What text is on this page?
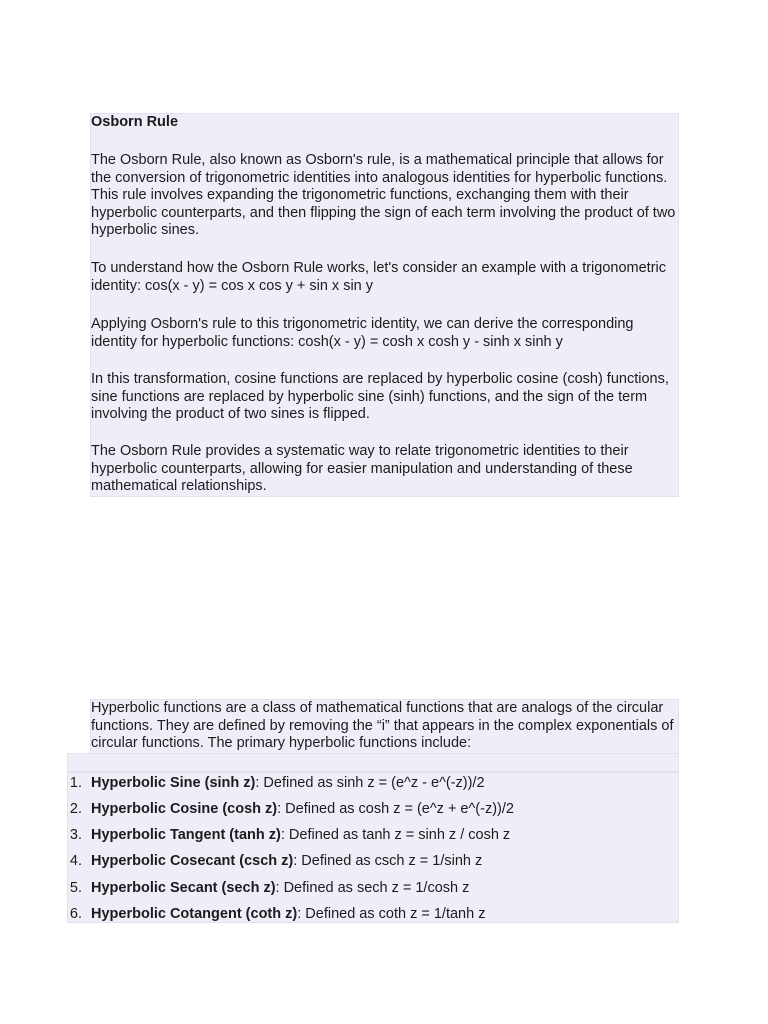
Osborn Rule

The Osborn Rule, also known as Osborn's rule, is a mathematical principle that allows for the conversion of trigonometric identities into analogous identities for hyperbolic functions. This rule involves expanding the trigonometric functions, exchanging them with their hyperbolic counterparts, and then flipping the sign of each term involving the product of two hyperbolic sines.

To understand how the Osborn Rule works, let's consider an example with a trigonometric identity: cos(x - y) = cos x cos y + sin x sin y

Applying Osborn's rule to this trigonometric identity, we can derive the corresponding identity for hyperbolic functions: cosh(x - y) = cosh x cosh y - sinh x sinh y

In this transformation, cosine functions are replaced by hyperbolic cosine (cosh) functions, sine functions are replaced by hyperbolic sine (sinh) functions, and the sign of the term involving the product of two sines is flipped.

The Osborn Rule provides a systematic way to relate trigonometric identities to their hyperbolic counterparts, allowing for easier manipulation and understanding of these mathematical relationships.

Hyperbolic functions are a class of mathematical functions that are analogs of the circular functions. They are defined by removing the “i” that appears in the complex exponentials of circular functions. The primary hyperbolic functions include:

1. Hyperbolic Sine (sinh z): Defined as sinh z = (e^z - e^(-z))/2
2. Hyperbolic Cosine (cosh z): Defined as cosh z = (e^z + e^(-z))/2
3. Hyperbolic Tangent (tanh z): Defined as tanh z = sinh z / cosh z
4. Hyperbolic Cosecant (csch z): Defined as csch z = 1/sinh z
5. Hyperbolic Secant (sech z): Defined as sech z = 1/cosh z
6. Hyperbolic Cotangent (coth z): Defined as coth z = 1/tanh z
